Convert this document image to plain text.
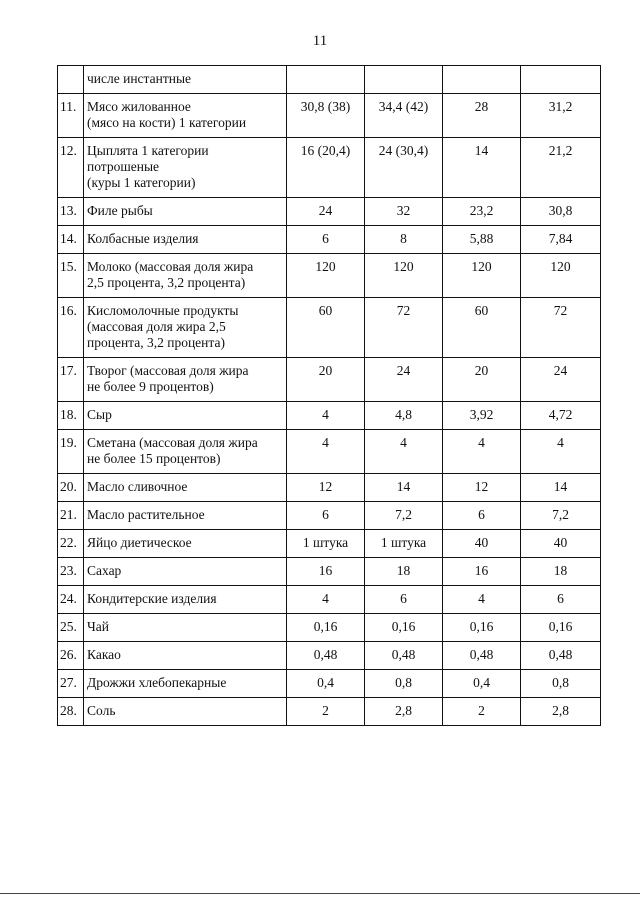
11
	числе инстантные				
11.	Мясо жилованное
(мясо на кости) 1 категории	30,8 (38)	34,4 (42)	28	31,2
12.	Цыплята 1 категории
потрошеные
(куры 1 категории)	16 (20,4)	24 (30,4)	14	21,2
13.	Филе рыбы	24	32	23,2	30,8
14.	Колбасные изделия	6	8	5,88	7,84
15.	Молоко (массовая доля жира
2,5 процента, 3,2 процента)	120	120	120	120
16.	Кисломолочные продукты
(массовая доля жира 2,5
процента, 3,2 процента)	60	72	60	72
17.	Творог (массовая доля жира
не более 9 процентов)	20	24	20	24
18.	Сыр	4	4,8	3,92	4,72
19.	Сметана (массовая доля жира
не более 15 процентов)	4	4	4	4
20.	Масло сливочное	12	14	12	14
21.	Масло растительное	6	7,2	6	7,2
22.	Яйцо диетическое	1 штука	1 штука	40	40
23.	Сахар	16	18	16	18
24.	Кондитерские изделия	4	6	4	6
25.	Чай	0,16	0,16	0,16	0,16
26.	Какао	0,48	0,48	0,48	0,48
27.	Дрожжи хлебопекарные	0,4	0,8	0,4	0,8
28.	Соль	2	2,8	2	2,8
